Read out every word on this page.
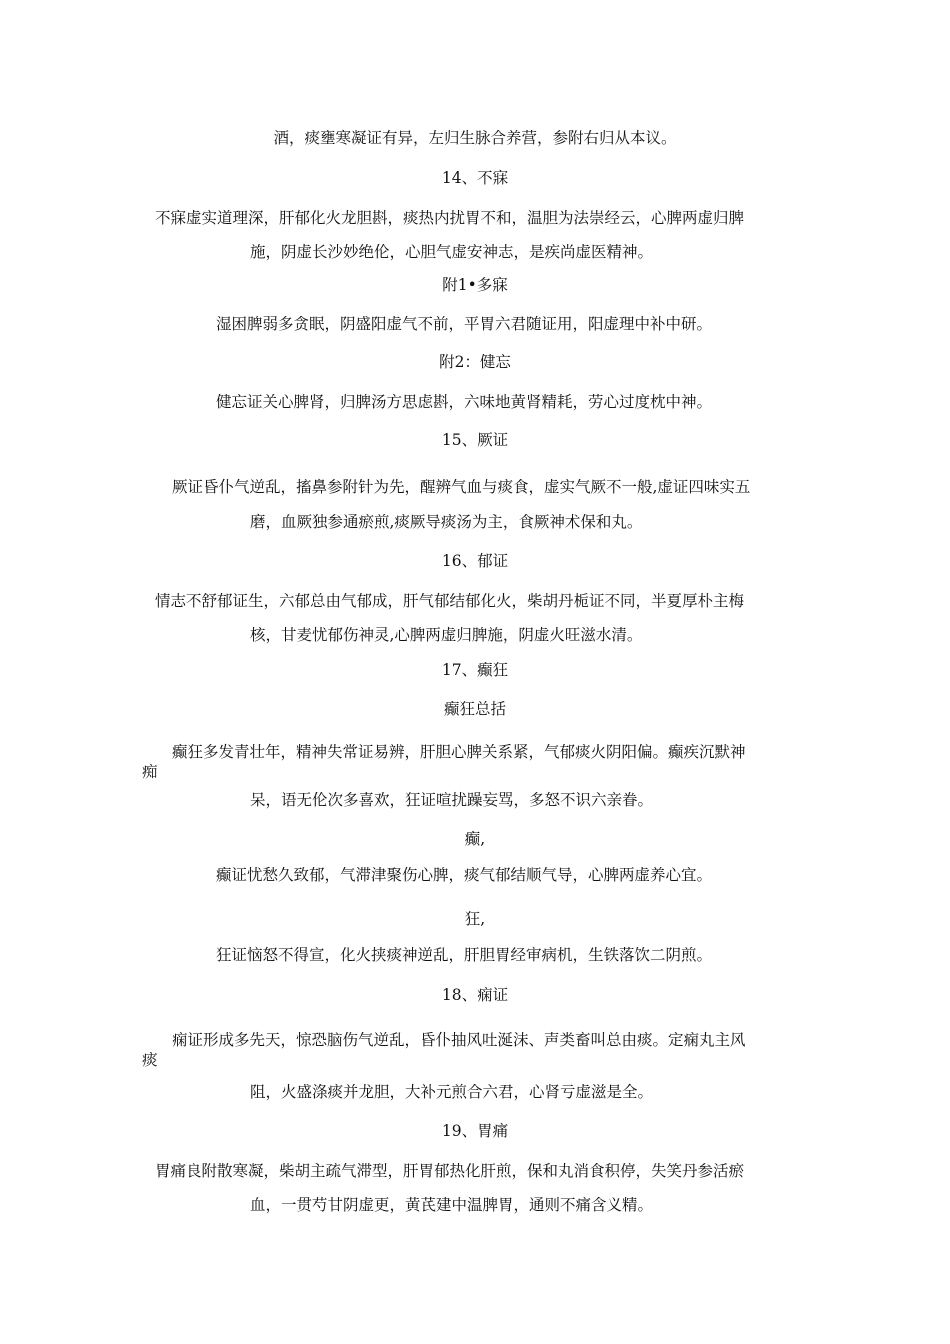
酒，痰壅寒凝证有异，左归生脉合养营，参附右归从本议。
14、不寐
不寐虚实道理深，肝郁化火龙胆斟，痰热内扰胃不和，温胆为法崇经云，心脾两虚归脾
施，阴虚长沙妙绝伦，心胆气虚安神志，是疾尚虚医精神。
附1•多寐
湿困脾弱多贪眠，阴盛阳虚气不前，平胃六君随证用，阳虚理中补中研。
附2：健忘
健忘证关心脾肾，归脾汤方思虑斟，六味地黄肾精耗，劳心过度枕中神。
15、厥证
厥证昏仆气逆乱，搐鼻参附针为先，醒辨气血与痰食，虚实气厥不一般,虚证四味实五
磨，血厥独参通瘀煎,痰厥导痰汤为主，食厥神术保和丸。
16、郁证
情志不舒郁证生，六郁总由气郁成，肝气郁结郁化火，柴胡丹栀证不同，半夏厚朴主梅
核，甘麦忧郁伤神灵,心脾两虚归脾施，阴虚火旺滋水清。
17、癫狂
癫狂总括
癫狂多发青壮年，精神失常证易辨，肝胆心脾关系紧，气郁痰火阴阳偏。癫疾沉默神
痴
呆，语无伦次多喜欢，狂证喧扰躁妄骂，多怒不识六亲眷。
癫,
癫证忧愁久致郁，气滞津聚伤心脾，痰气郁结顺气导，心脾两虚养心宜。
狂,
狂证恼怒不得宣，化火挟痰神逆乱，肝胆胃经审病机，生铁落饮二阴煎。
18、痫证
痫证形成多先天，惊恐脑伤气逆乱，昏仆抽风吐涎沫、声类畜叫总由痰。定痫丸主风
痰
阻，火盛涤痰并龙胆，大补元煎合六君，心肾亏虚滋是全。
19、胃痛
胃痛良附散寒凝，柴胡主疏气滞型，肝胃郁热化肝煎，保和丸消食积停，失笑丹参活瘀
血，一贯芍甘阴虚更，黄芪建中温脾胃，通则不痛含义精。
